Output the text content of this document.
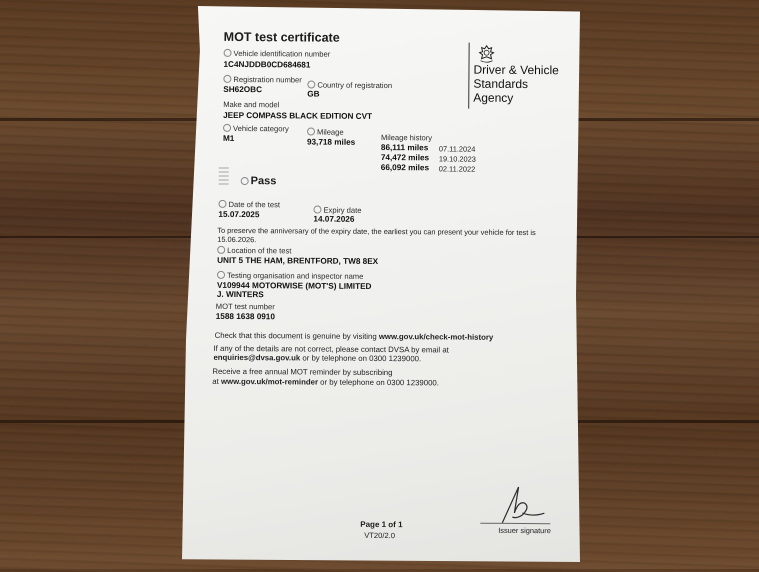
MOT test certificate
Driver & Vehicle
Standards
Agency
Vehicle identification number
1C4NJDDB0CD684681
Registration number
SH62OBC	Country of registration
GB
Make and model
JEEP COMPASS BLACK EDITION CVT
Vehicle category
M1
Mileage
93,718 miles	Mileage history
86,111 miles 07.11.2024
74,472 miles 19.10.2023
66,092 miles 02.11.2022
Pass
Date of the test
15.07.2025	Expiry date
14.07.2026
To preserve the anniversary of the expiry date, the earliest you can present your vehicle for test is
15.06.2026.
Location of the test
UNIT 5 THE HAM, BRENTFORD, TW8 8EX
Testing organisation and inspector name
V109944 MOTORWISE (MOT'S) LIMITED
J. WINTERS
MOT test number
1588 1638 0910
Check that this document is genuine by visiting www.gov.uk/check-mot-history
If any of the details are not correct, please contact DVSA by email at
enquiries@dvsa.gov.uk or by telephone on 0300 1239000.
Receive a free annual MOT reminder by subscribing
at www.gov.uk/mot-reminder or by telephone on 0300 1239000.
Page 1 of 1
VT20/2.0
Issuer signature
